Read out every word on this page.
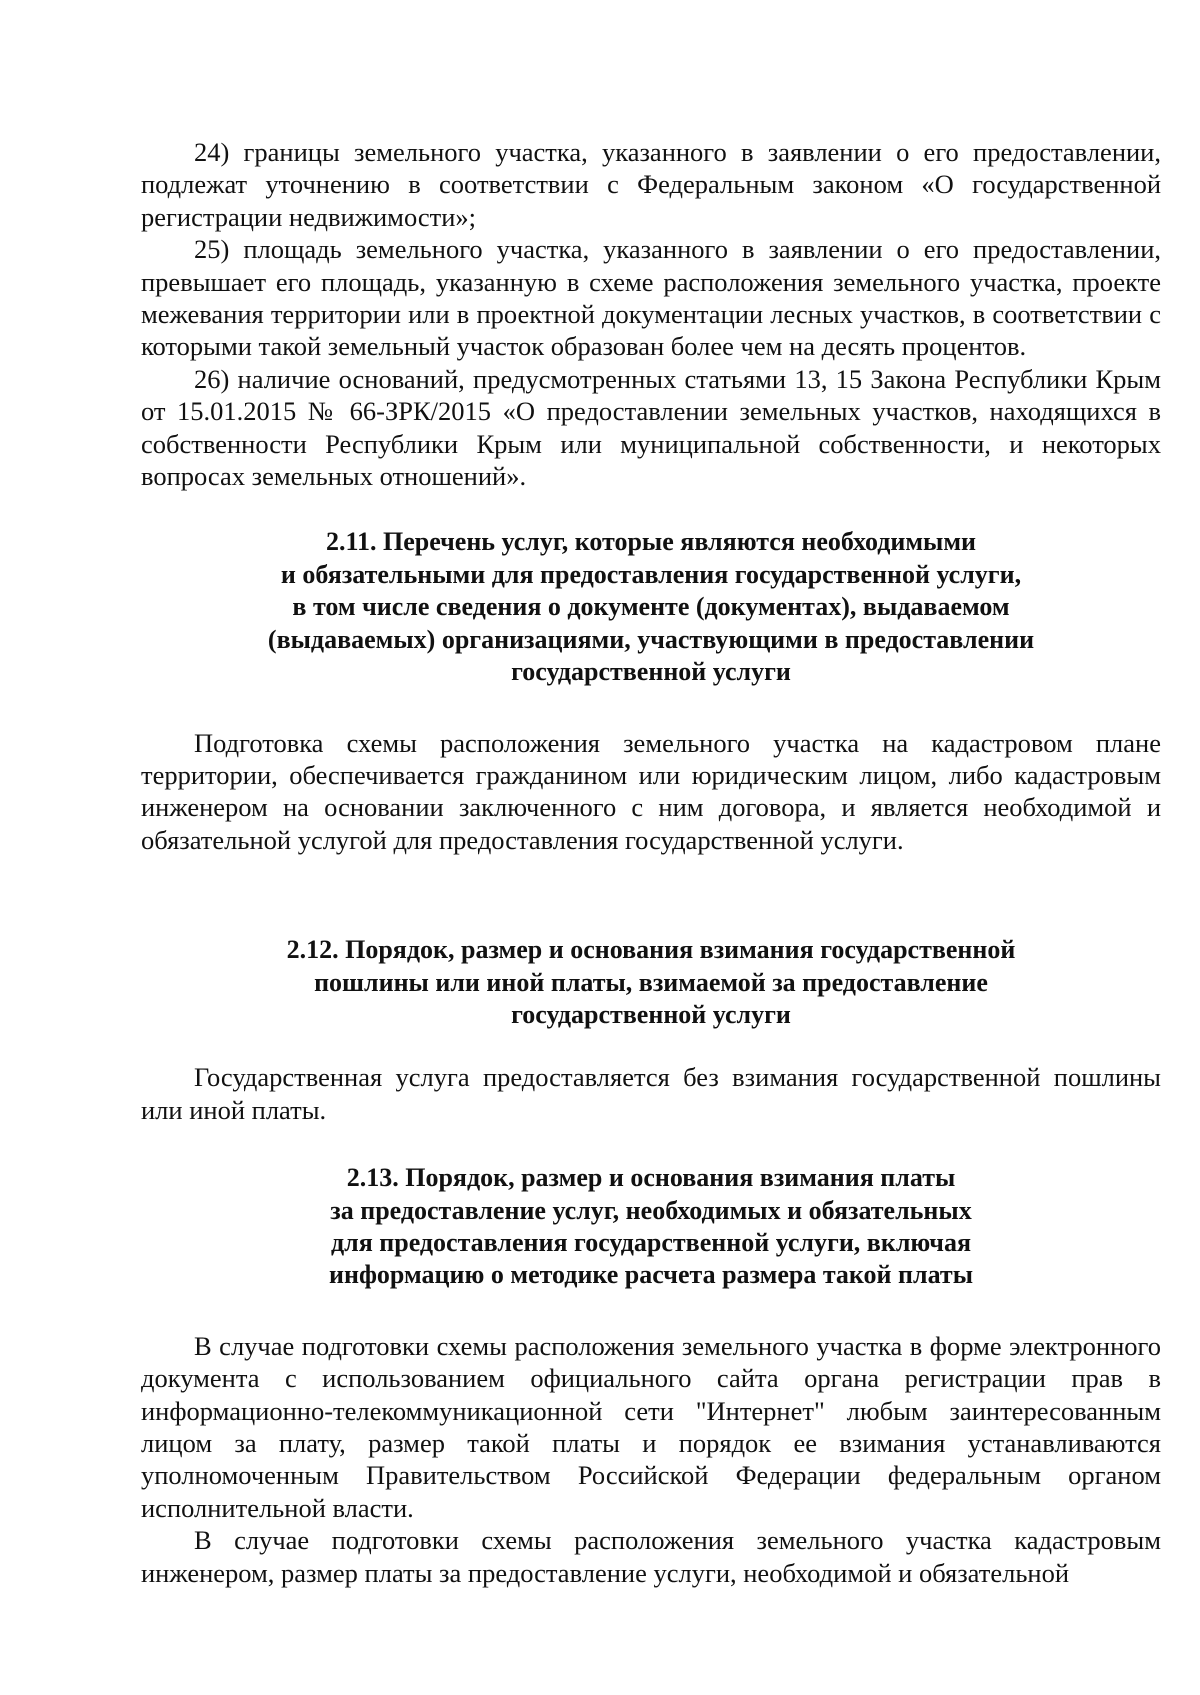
24) границы земельного участка, указанного в заявлении о его предоставлении, подлежат уточнению в соответствии с Федеральным законом «О государственной регистрации недвижимости»;

25) площадь земельного участка, указанного в заявлении о его предоставлении, превышает его площадь, указанную в схеме расположения земельного участка, проекте межевания территории или в проектной документации лесных участков, в соответствии с которыми такой земельный участок образован более чем на десять процентов.

26) наличие оснований, предусмотренных статьями 13, 15 Закона Республики Крым от 15.01.2015 № 66-ЗРК/2015 «О предоставлении земельных участков, находящихся в собственности Республики Крым или муниципальной собственности, и некоторых вопросах земельных отношений».

2.11. Перечень услуг, которые являются необходимыми
и обязательными для предоставления государственной услуги,
в том числе сведения о документе (документах), выдаваемом
(выдаваемых) организациями, участвующими в предоставлении
государственной услуги

Подготовка схемы расположения земельного участка на кадастровом плане территории, обеспечивается гражданином или юридическим лицом, либо кадастровым инженером на основании заключенного с ним договора, и является необходимой и обязательной услугой для предоставления государственной услуги.

2.12. Порядок, размер и основания взимания государственной
пошлины или иной платы, взимаемой за предоставление
государственной услуги

Государственная услуга предоставляется без взимания государственной пошлины или иной платы.

2.13. Порядок, размер и основания взимания платы
за предоставление услуг, необходимых и обязательных
для предоставления государственной услуги, включая
информацию о методике расчета размера такой платы

В случае подготовки схемы расположения земельного участка в форме электронного документа с использованием официального сайта органа регистрации прав в информационно-телекоммуникационной сети "Интернет" любым заинтересованным лицом за плату, размер такой платы и порядок ее взимания устанавливаются уполномоченным Правительством Российской Федерации федеральным органом исполнительной власти.

В случае подготовки схемы расположения земельного участка кадастровым инженером, размер платы за предоставление услуги, необходимой и обязательной
